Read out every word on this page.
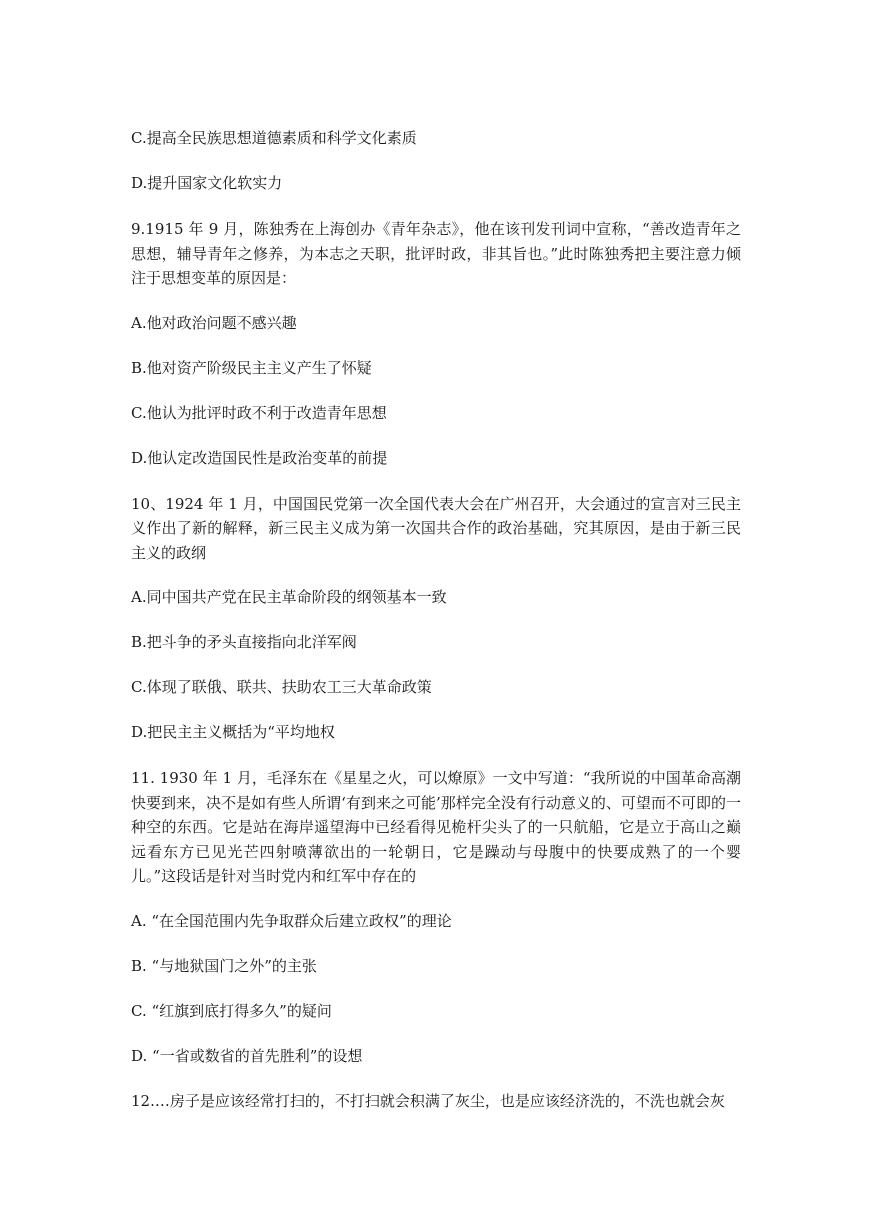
C.提高全民族思想道德素质和科学文化素质

D.提升国家文化软实力

9.1915 年 9 月，陈独秀在上海创办《青年杂志》，他在该刊发刊词中宣称，“善改造青年之思想，辅导青年之修养，为本志之天职，批评时政，非其旨也。”此时陈独秀把主要注意力倾注于思想变革的原因是：

A.他对政治问题不感兴趣

B.他对资产阶级民主主义产生了怀疑

C.他认为批评时政不利于改造青年思想

D.他认定改造国民性是政治变革的前提

10、1924 年 1 月，中国国民党第一次全国代表大会在广州召开，大会通过的宣言对三民主义作出了新的解释，新三民主义成为第一次国共合作的政治基础，究其原因，是由于新三民主义的政纲

A.同中国共产党在民主革命阶段的纲领基本一致

B.把斗争的矛头直接指向北洋军阀

C.体现了联俄、联共、扶助农工三大革命政策

D.把民主主义概括为“平均地权

11. 1930 年 1 月，毛泽东在《星星之火，可以燎原》一文中写道：“我所说的中国革命高潮快要到来，决不是如有些人所谓‘有到来之可能’那样完全没有行动意义的、可望而不可即的一种空的东西。它是站在海岸遥望海中已经看得见桅杆尖头了的一只航船，它是立于高山之巅远看东方已见光芒四射喷薄欲出的一轮朝日，它是躁动与母腹中的快要成熟了的一个婴儿。”这段话是针对当时党内和红军中存在的

A. “在全国范围内先争取群众后建立政权”的理论

B. “与地狱国门之外”的主张

C. “红旗到底打得多久”的疑问

D. “一省或数省的首先胜利”的设想

12.…房子是应该经常打扫的，不打扫就会积满了灰尘，也是应该经济洗的，不洗也就会灰
